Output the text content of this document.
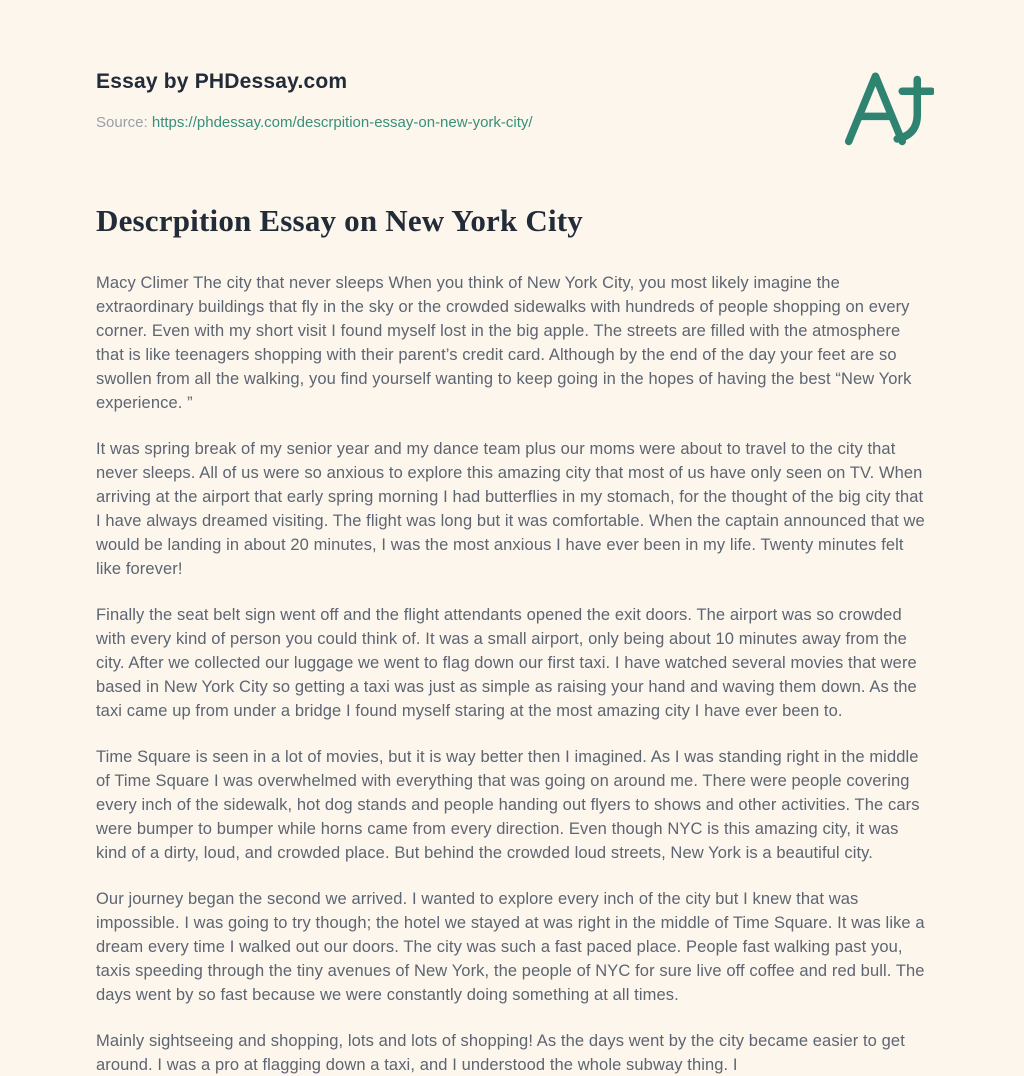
Essay by PHDessay.com
Source: https://phdessay.com/descrpition-essay-on-new-york-city/
Descrpition Essay on New York City

Macy Climer The city that never sleeps When you think of New York City, you most likely imagine the extraordinary buildings that fly in the sky or the crowded sidewalks with hundreds of people shopping on every corner. Even with my short visit I found myself lost in the big apple. The streets are filled with the atmosphere that is like teenagers shopping with their parent’s credit card. Although by the end of the day your feet are so swollen from all the walking, you find yourself wanting to keep going in the hopes of having the best “New York experience. ”

It was spring break of my senior year and my dance team plus our moms were about to travel to the city that never sleeps. All of us were so anxious to explore this amazing city that most of us have only seen on TV. When arriving at the airport that early spring morning I had butterflies in my stomach, for the thought of the big city that I have always dreamed visiting. The flight was long but it was comfortable. When the captain announced that we would be landing in about 20 minutes, I was the most anxious I have ever been in my life. Twenty minutes felt like forever!

Finally the seat belt sign went off and the flight attendants opened the exit doors. The airport was so crowded with every kind of person you could think of. It was a small airport, only being about 10 minutes away from the city. After we collected our luggage we went to flag down our first taxi. I have watched several movies that were based in New York City so getting a taxi was just as simple as raising your hand and waving them down. As the taxi came up from under a bridge I found myself staring at the most amazing city I have ever been to.

Time Square is seen in a lot of movies, but it is way better then I imagined. As I was standing right in the middle of Time Square I was overwhelmed with everything that was going on around me. There were people covering every inch of the sidewalk, hot dog stands and people handing out flyers to shows and other activities. The cars were bumper to bumper while horns came from every direction. Even though NYC is this amazing city, it was kind of a dirty, loud, and crowded place. But behind the crowded loud streets, New York is a beautiful city.

Our journey began the second we arrived. I wanted to explore every inch of the city but I knew that was impossible. I was going to try though; the hotel we stayed at was right in the middle of Time Square. It was like a dream every time I walked out our doors. The city was such a fast paced place. People fast walking past you, taxis speeding through the tiny avenues of New York, the people of NYC for sure live off coffee and red bull. The days went by so fast because we were constantly doing something at all times.

Mainly sightseeing and shopping, lots and lots of shopping! As the days went by the city became easier to get around. I was a pro at flagging down a taxi, and I understood the whole subway thing. I
